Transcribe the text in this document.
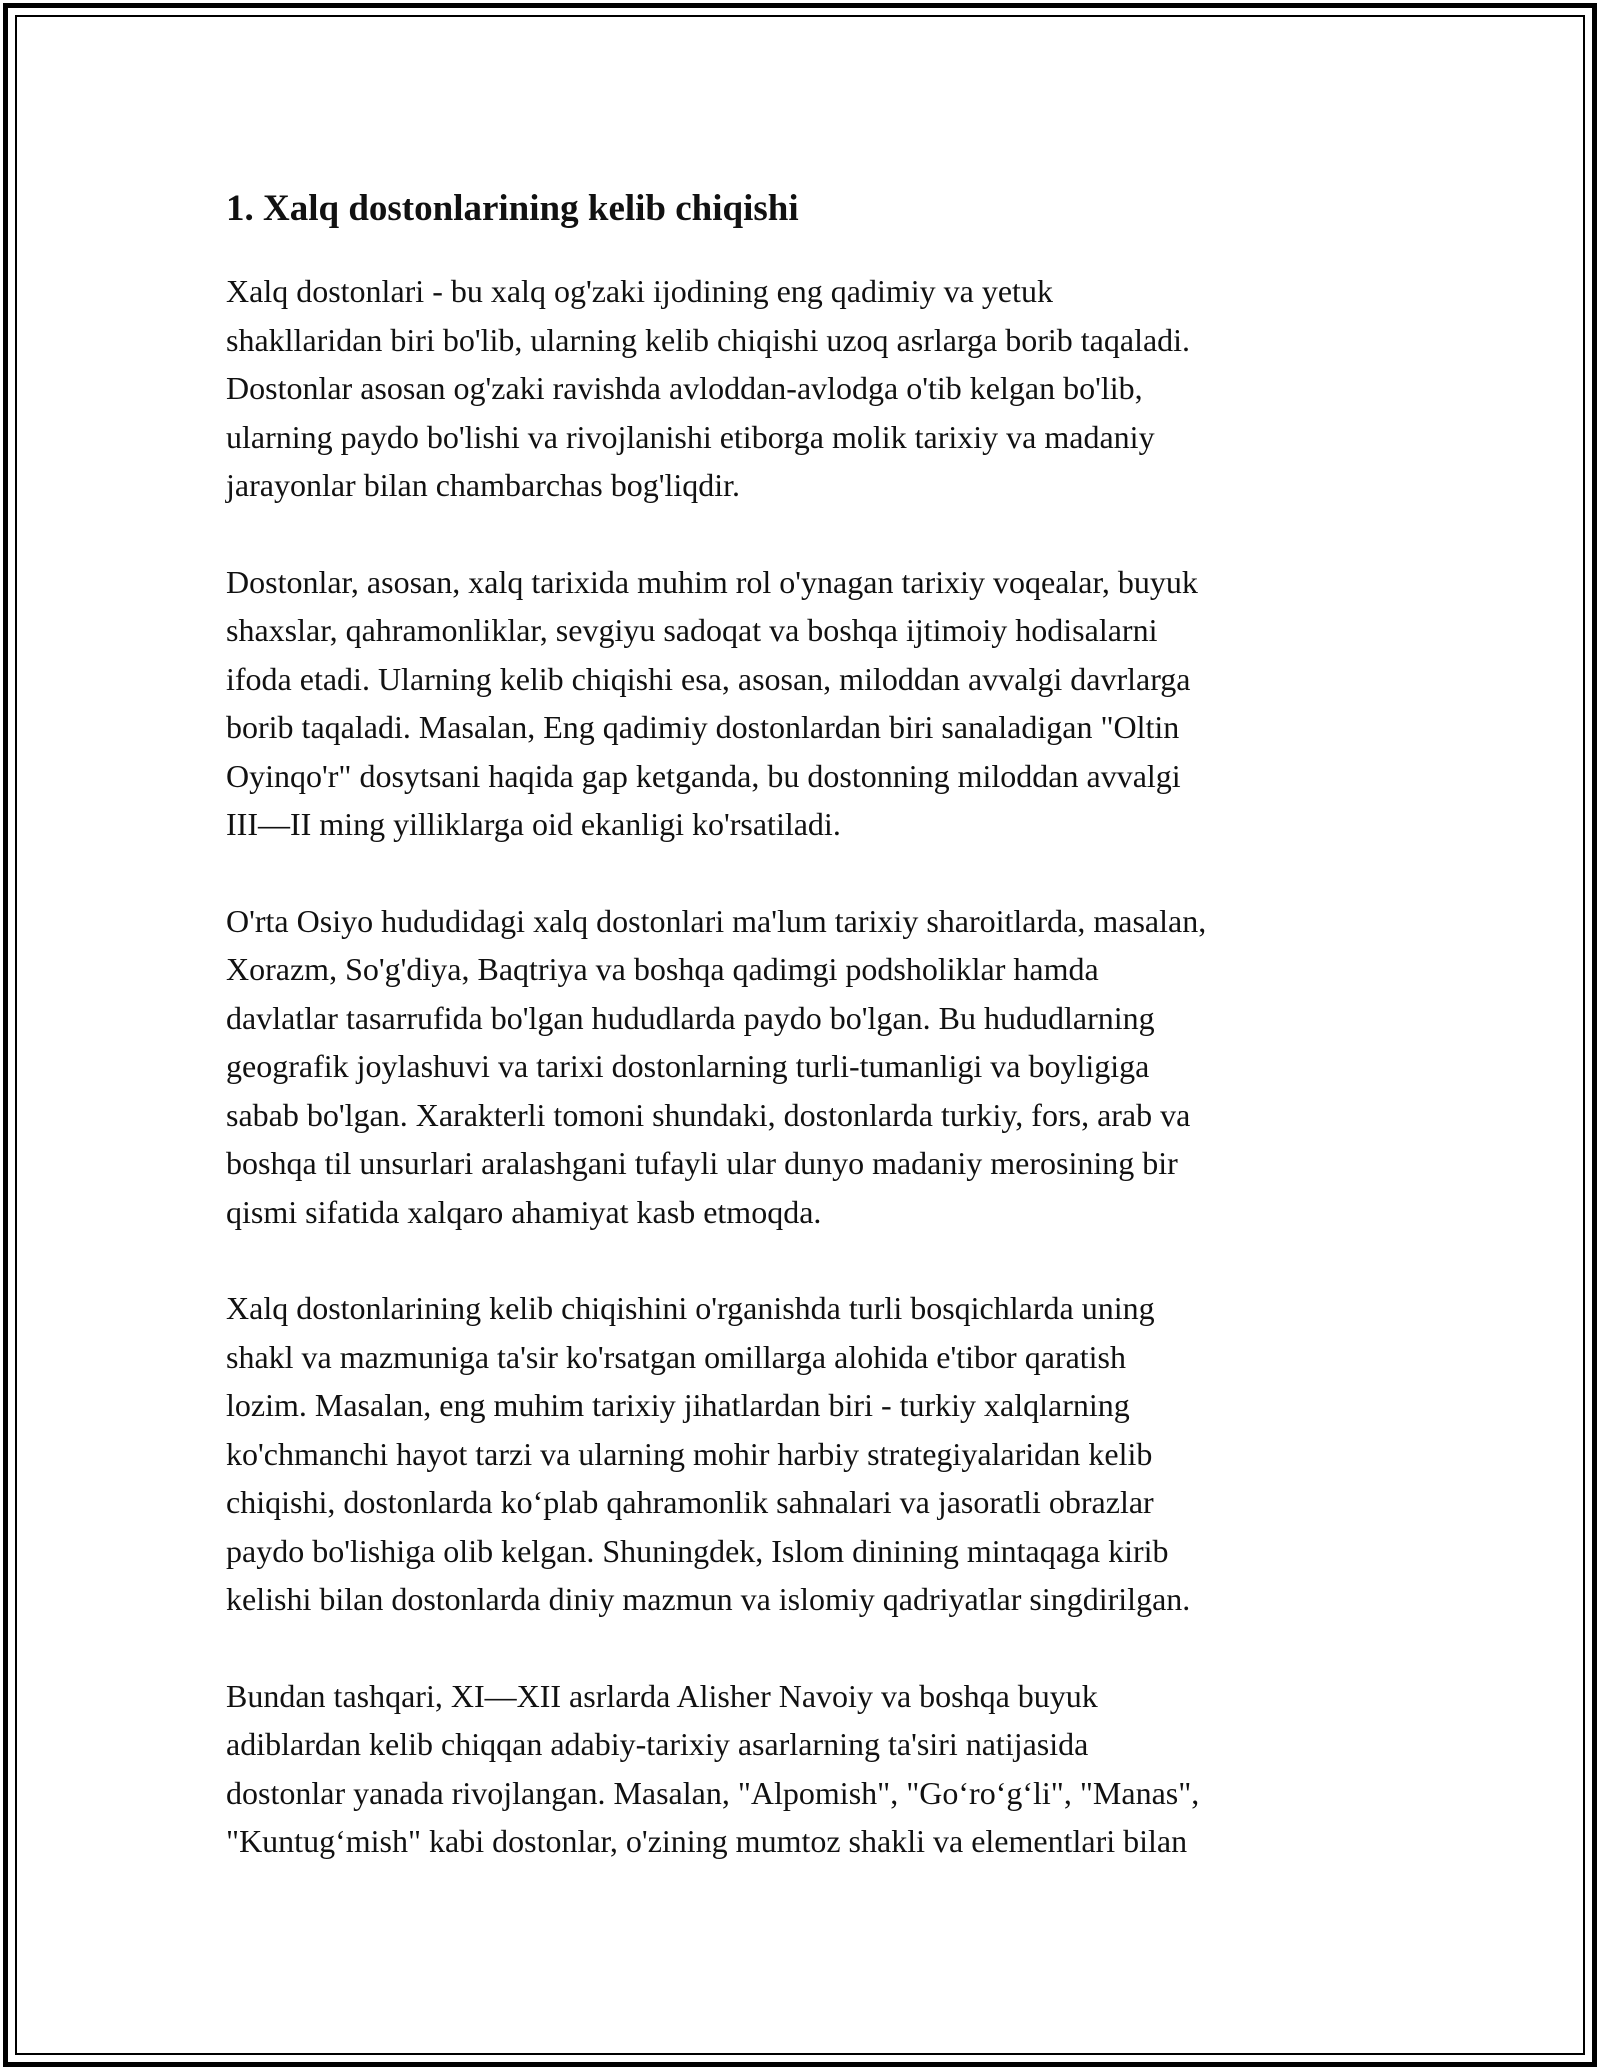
1. Xalq dostonlarining kelib chiqishi

Xalq dostonlari - bu xalq og'zaki ijodining eng qadimiy va yetuk
shakllaridan biri bo'lib, ularning kelib chiqishi uzoq asrlarga borib taqaladi.
Dostonlar asosan og'zaki ravishda avloddan-avlodga o'tib kelgan bo'lib,
ularning paydo bo'lishi va rivojlanishi etiborga molik tarixiy va madaniy
jarayonlar bilan chambarchas bog'liqdir.

Dostonlar, asosan, xalq tarixida muhim rol o'ynagan tarixiy voqealar, buyuk
shaxslar, qahramonliklar, sevgiyu sadoqat va boshqa ijtimoiy hodisalarni
ifoda etadi. Ularning kelib chiqishi esa, asosan, miloddan avvalgi davrlarga
borib taqaladi. Masalan, Eng qadimiy dostonlardan biri sanaladigan "Oltin
Oyinqo'r" dosytsani haqida gap ketganda, bu dostonning miloddan avvalgi
III—II ming yilliklarga oid ekanligi ko'rsatiladi.

O'rta Osiyo hududidagi xalq dostonlari ma'lum tarixiy sharoitlarda, masalan,
Xorazm, So'g'diya, Baqtriya va boshqa qadimgi podsholiklar hamda
davlatlar tasarrufida bo'lgan hududlarda paydo bo'lgan. Bu hududlarning
geografik joylashuvi va tarixi dostonlarning turli-tumanligi va boyligiga
sabab bo'lgan. Xarakterli tomoni shundaki, dostonlarda turkiy, fors, arab va
boshqa til unsurlari aralashgani tufayli ular dunyo madaniy merosining bir
qismi sifatida xalqaro ahamiyat kasb etmoqda.

Xalq dostonlarining kelib chiqishini o'rganishda turli bosqichlarda uning
shakl va mazmuniga ta'sir ko'rsatgan omillarga alohida e'tibor qaratish
lozim. Masalan, eng muhim tarixiy jihatlardan biri - turkiy xalqlarning
ko'chmanchi hayot tarzi va ularning mohir harbiy strategiyalaridan kelib
chiqishi, dostonlarda ko‘plab qahramonlik sahnalari va jasoratli obrazlar
paydo bo'lishiga olib kelgan. Shuningdek, Islom dinining mintaqaga kirib
kelishi bilan dostonlarda diniy mazmun va islomiy qadriyatlar singdirilgan.

Bundan tashqari, XI—XII asrlarda Alisher Navoiy va boshqa buyuk
adiblardan kelib chiqqan adabiy-tarixiy asarlarning ta'siri natijasida
dostonlar yanada rivojlangan. Masalan, "Alpomish", "Go‘ro‘g‘li", "Manas",
"Kuntug‘mish" kabi dostonlar, o'zining mumtoz shakli va elementlari bilan
